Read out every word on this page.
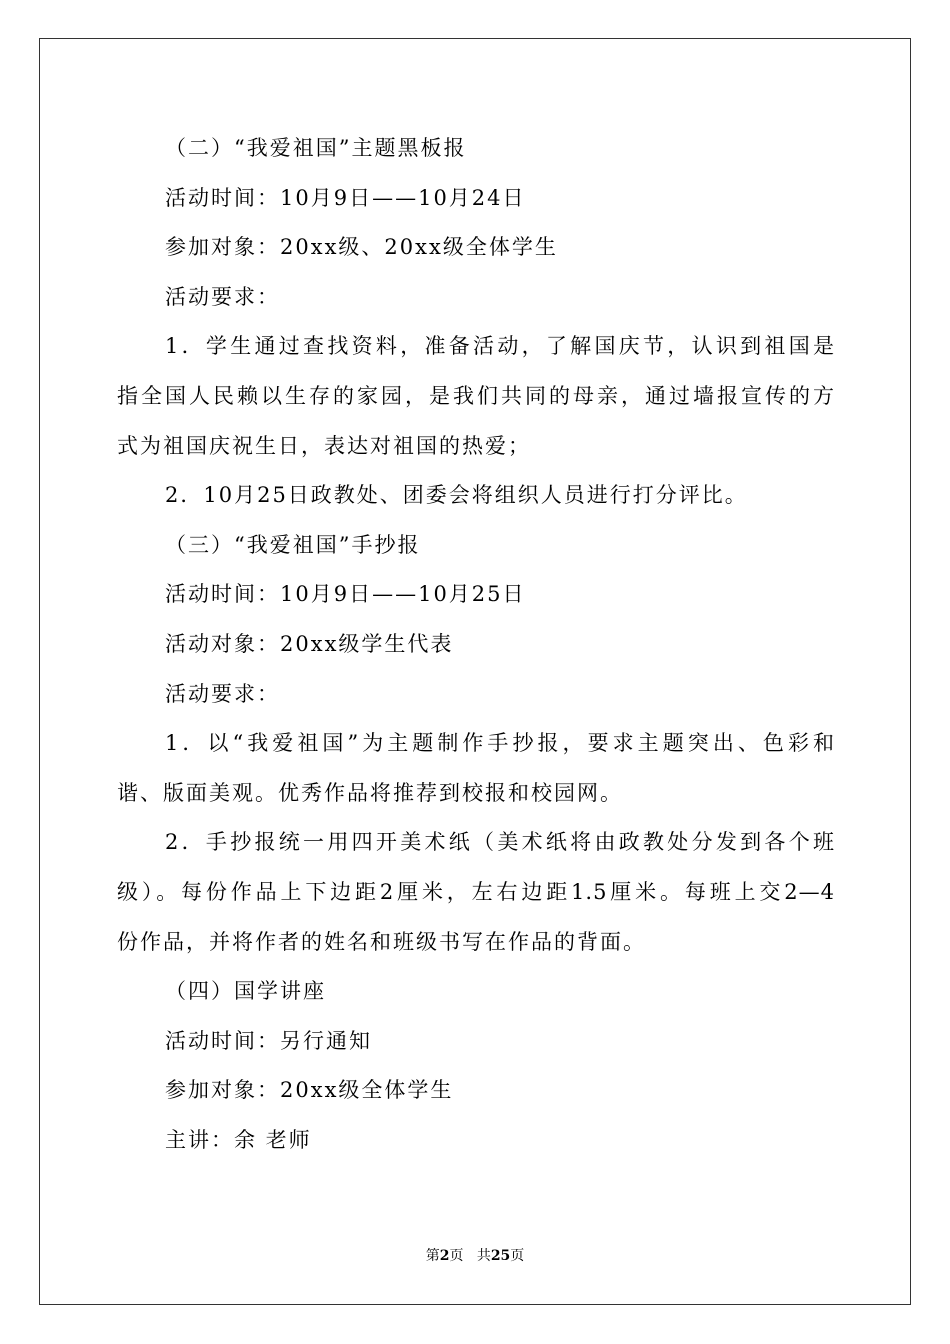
（二）“我爱祖国”主题黑板报
活动时间：10月9日——10月24日
参加对象：20xx级、20xx级全体学生
活动要求：
1．学生通过查找资料，准备活动，了解国庆节，认识到祖国是
指全国人民赖以生存的家园，是我们共同的母亲，通过墙报宣传的方
式为祖国庆祝生日，表达对祖国的热爱；
2．10月25日政教处、团委会将组织人员进行打分评比。
（三）“我爱祖国”手抄报
活动时间：10月9日——10月25日
活动对象：20xx级学生代表
活动要求：
1．以“我爱祖国”为主题制作手抄报，要求主题突出、色彩和
谐、版面美观。优秀作品将推荐到校报和校园网。
2．手抄报统一用四开美术纸（美术纸将由政教处分发到各个班
级）。每份作品上下边距2厘米，左右边距1.5厘米。每班上交2—4
份作品，并将作者的姓名和班级书写在作品的背面。
（四）国学讲座
活动时间：另行通知
参加对象：20xx级全体学生
主讲：余 老师
第2页 共25页
